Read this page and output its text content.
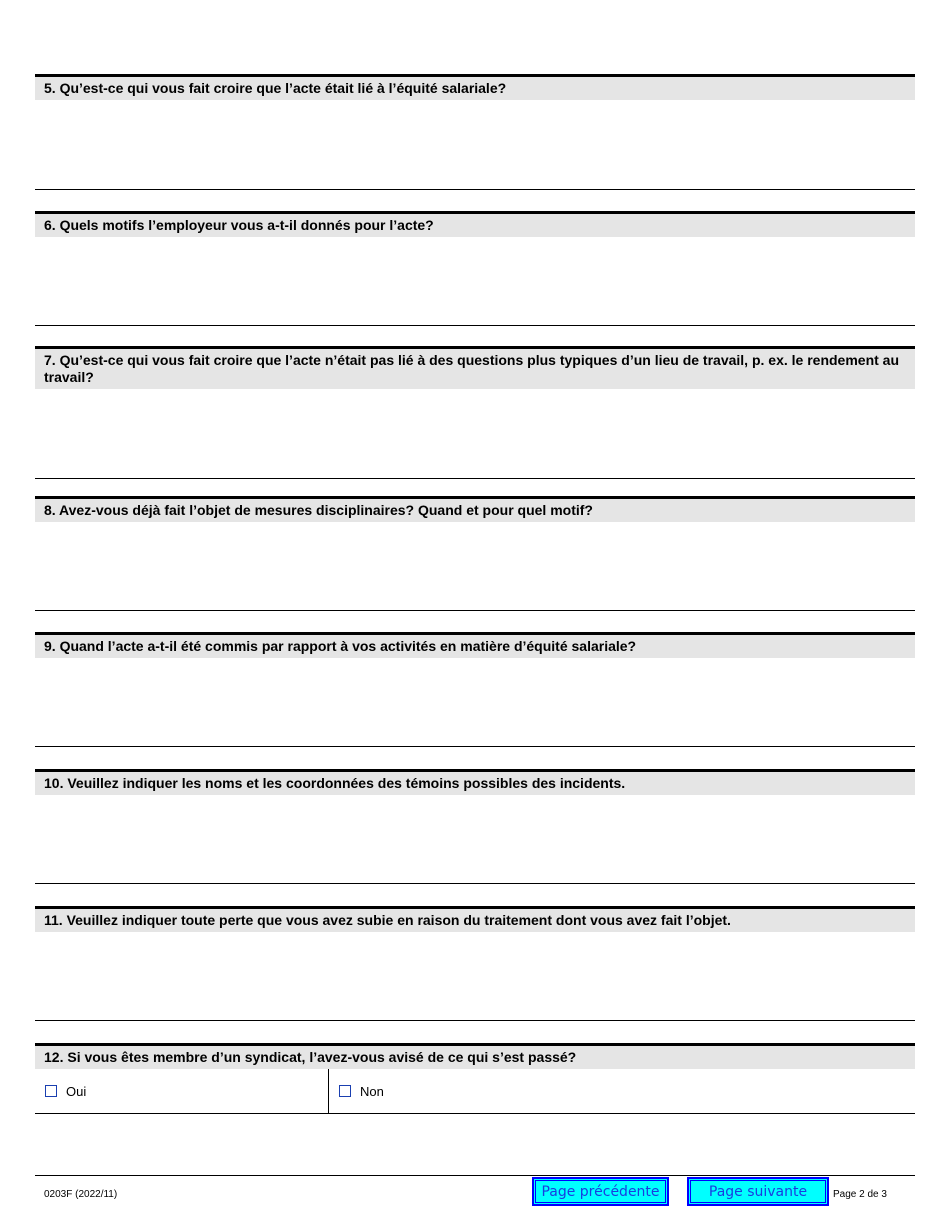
5. Qu’est-ce qui vous fait croire que l’acte était lié à l’équité salariale?
6. Quels motifs l’employeur vous a-t-il donnés pour l’acte?
7. Qu’est-ce qui vous fait croire que l’acte n’était pas lié à des questions plus typiques d’un lieu de travail, p. ex. le rendement au travail?
8. Avez-vous déjà fait l’objet de mesures disciplinaires? Quand et pour quel motif?
9. Quand l’acte a-t-il été commis par rapport à vos activités en matière d’équité salariale?
10. Veuillez indiquer les noms et les coordonnées des témoins possibles des incidents.
11. Veuillez indiquer toute perte que vous avez subie en raison du traitement dont vous avez fait l’objet.
12. Si vous êtes membre d’un syndicat, l’avez-vous avisé de ce qui s’est passé?
Oui	Non
0203F (2022/11)	Page précédente	Page suivante	Page 2 de 3
